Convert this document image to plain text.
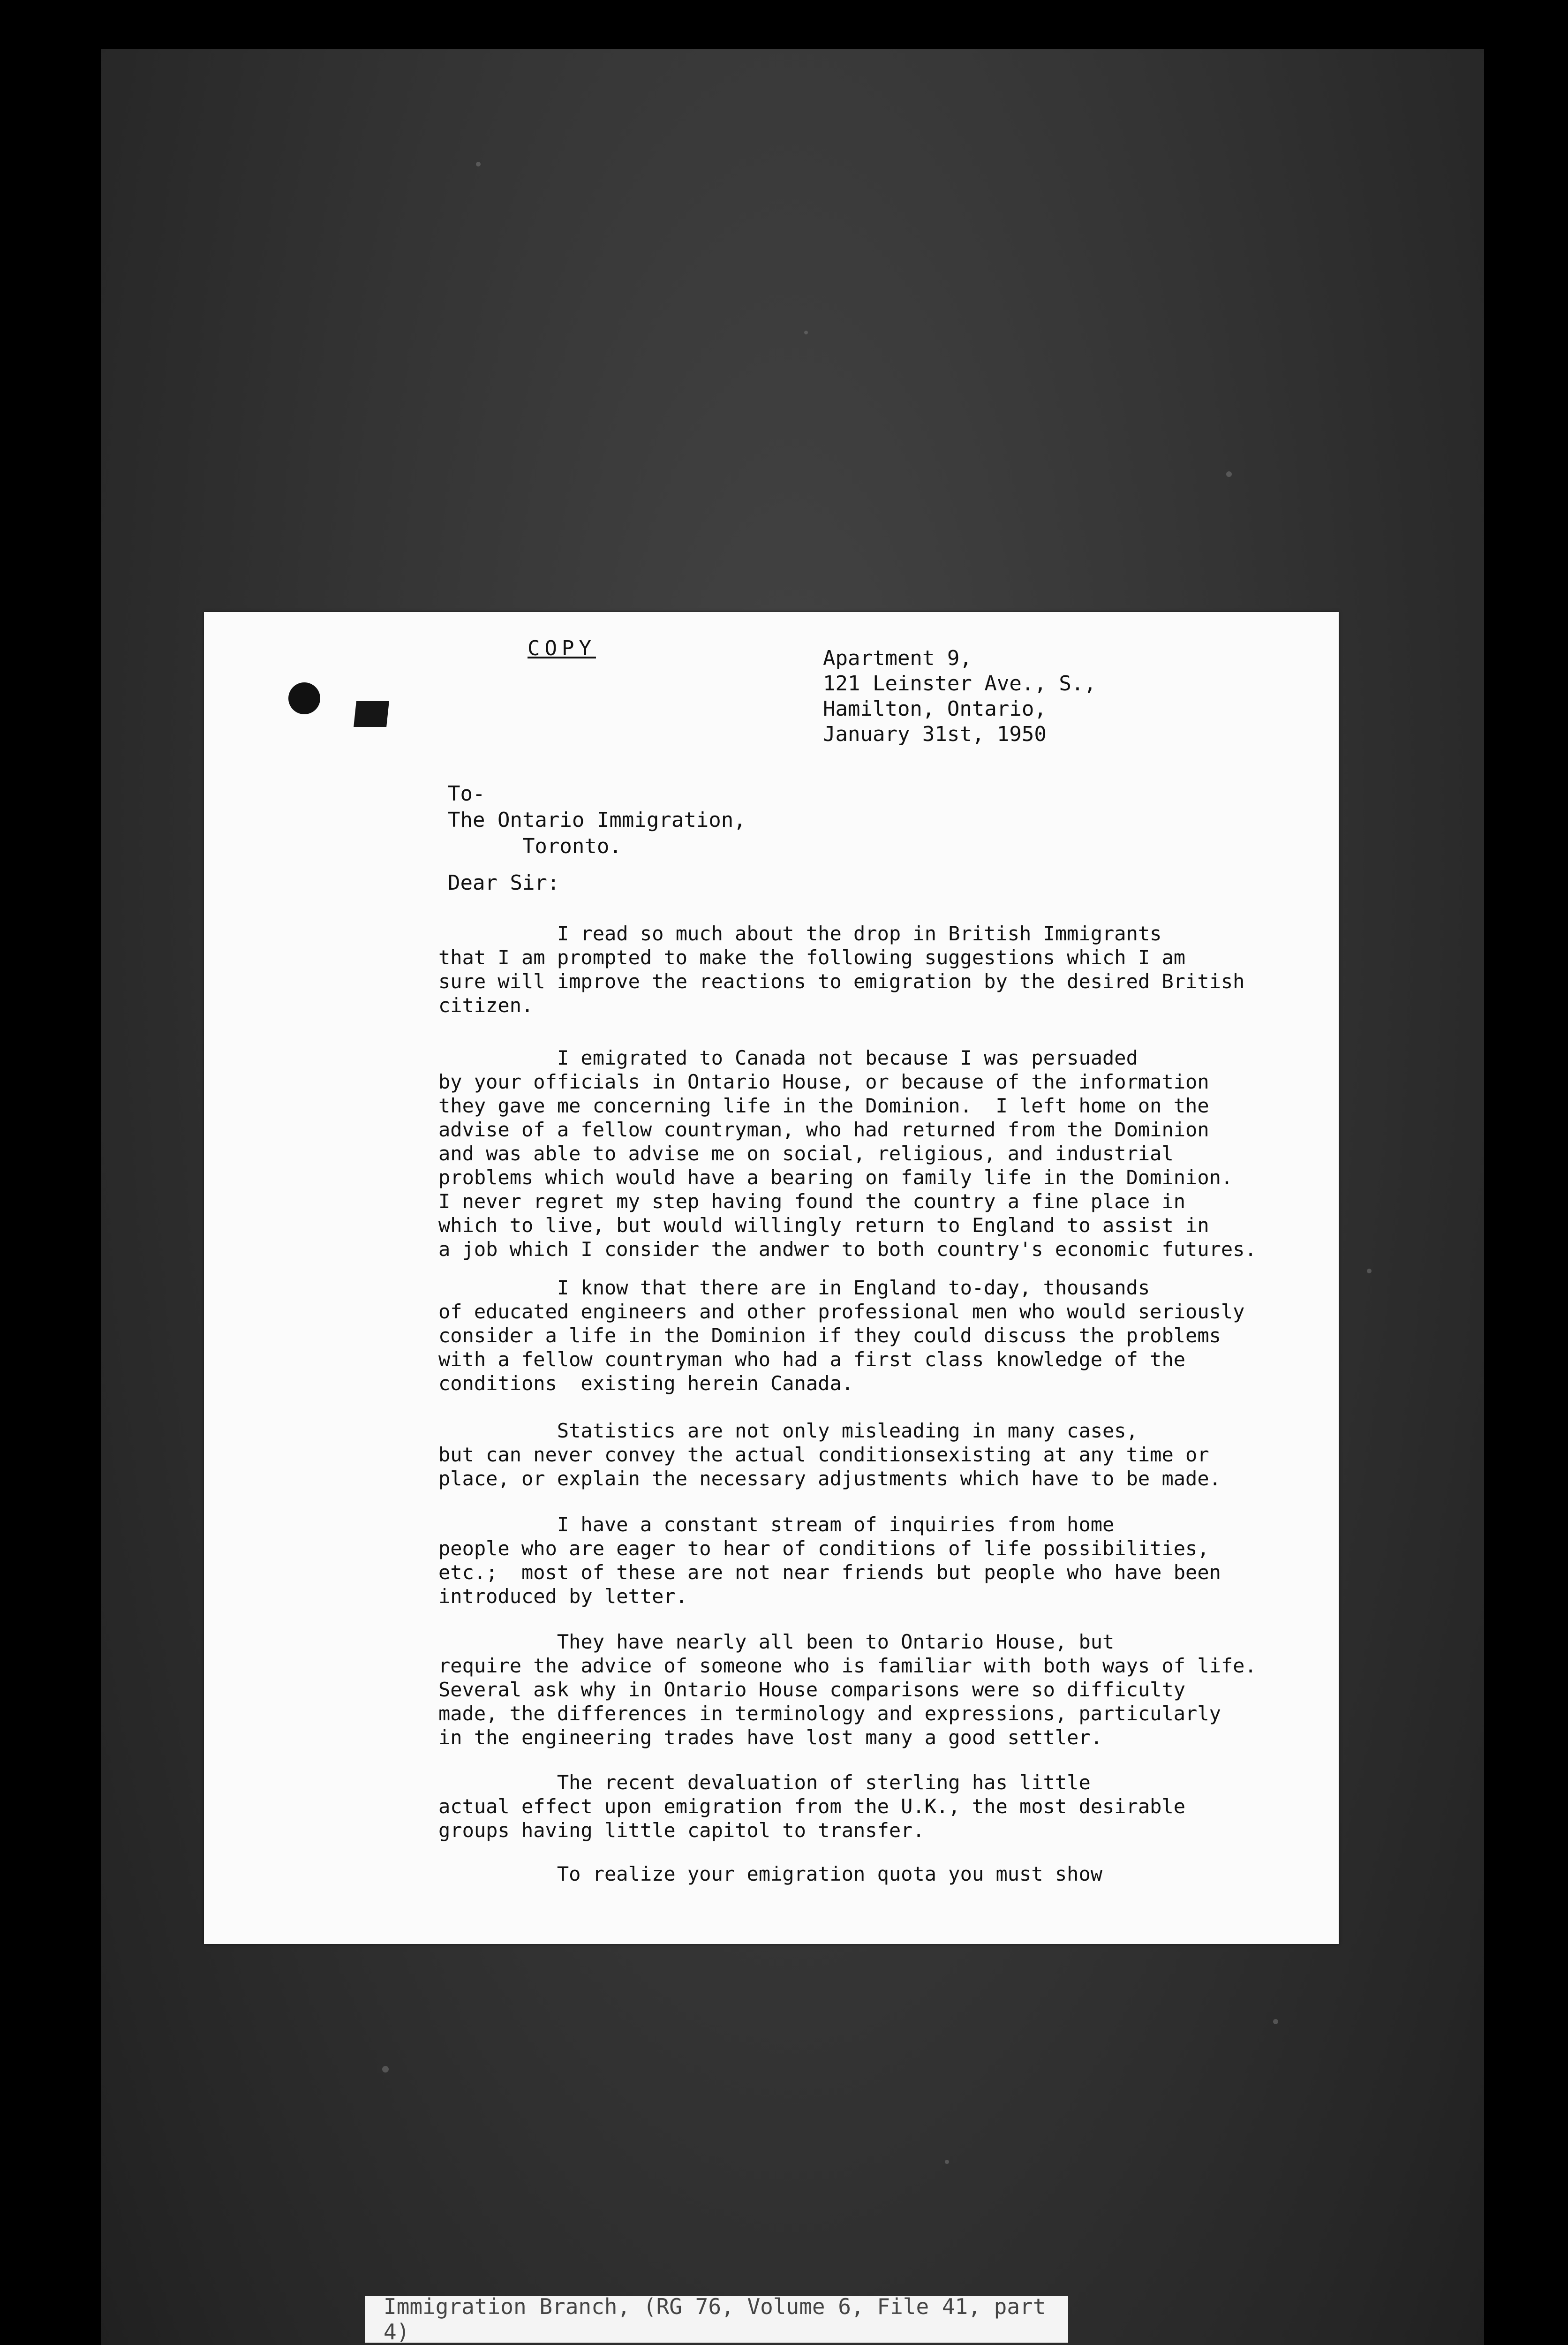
COPY	Apartment 9,
121 Leinster Ave., S.,
Hamilton, Ontario,
January 31st, 1950
To-
The Ontario Immigration,
Toronto.
Dear Sir:
I read so much about the drop in British Immigrants
that I am prompted to make the following suggestions which I am
sure will improve the reactions to emigration by the desired British
citizen.
I emigrated to Canada not because I was persuaded
by your officials in Ontario House, or because of the information
they gave me concerning life in the Dominion.  I left home on the
advise of a fellow countryman, who had returned from the Dominion
and was able to advise me on social, religious, and industrial
problems which would have a bearing on family life in the Dominion.
I never regret my step having found the country a fine place in
which to live, but would willingly return to England to assist in
a job which I consider the andwer to both country's economic futures.
I know that there are in England to-day, thousands
of educated engineers and other professional men who would seriously
consider a life in the Dominion if they could discuss the problems
with a fellow countryman who had a first class knowledge of the
conditions  existing herein Canada.
Statistics are not only misleading in many cases,
but can never convey the actual conditionsexisting at any time or
place, or explain the necessary adjustments which have to be made.
I have a constant stream of inquiries from home
people who are eager to hear of conditions of life possibilities,
etc.;  most of these are not near friends but people who have been
introduced by letter.
They have nearly all been to Ontario House, but
require the advice of someone who is familiar with both ways of life.
Several ask why in Ontario House comparisons were so difficulty
made, the differences in terminology and expressions, particularly
in the engineering trades have lost many a good settler.
The recent devaluation of sterling has little
actual effect upon emigration from the U.K., the most desirable
groups having little capitol to transfer.
To realize your emigration quota you must show
Immigration Branch, (RG 76, Volume 6, File 41, part 4)
